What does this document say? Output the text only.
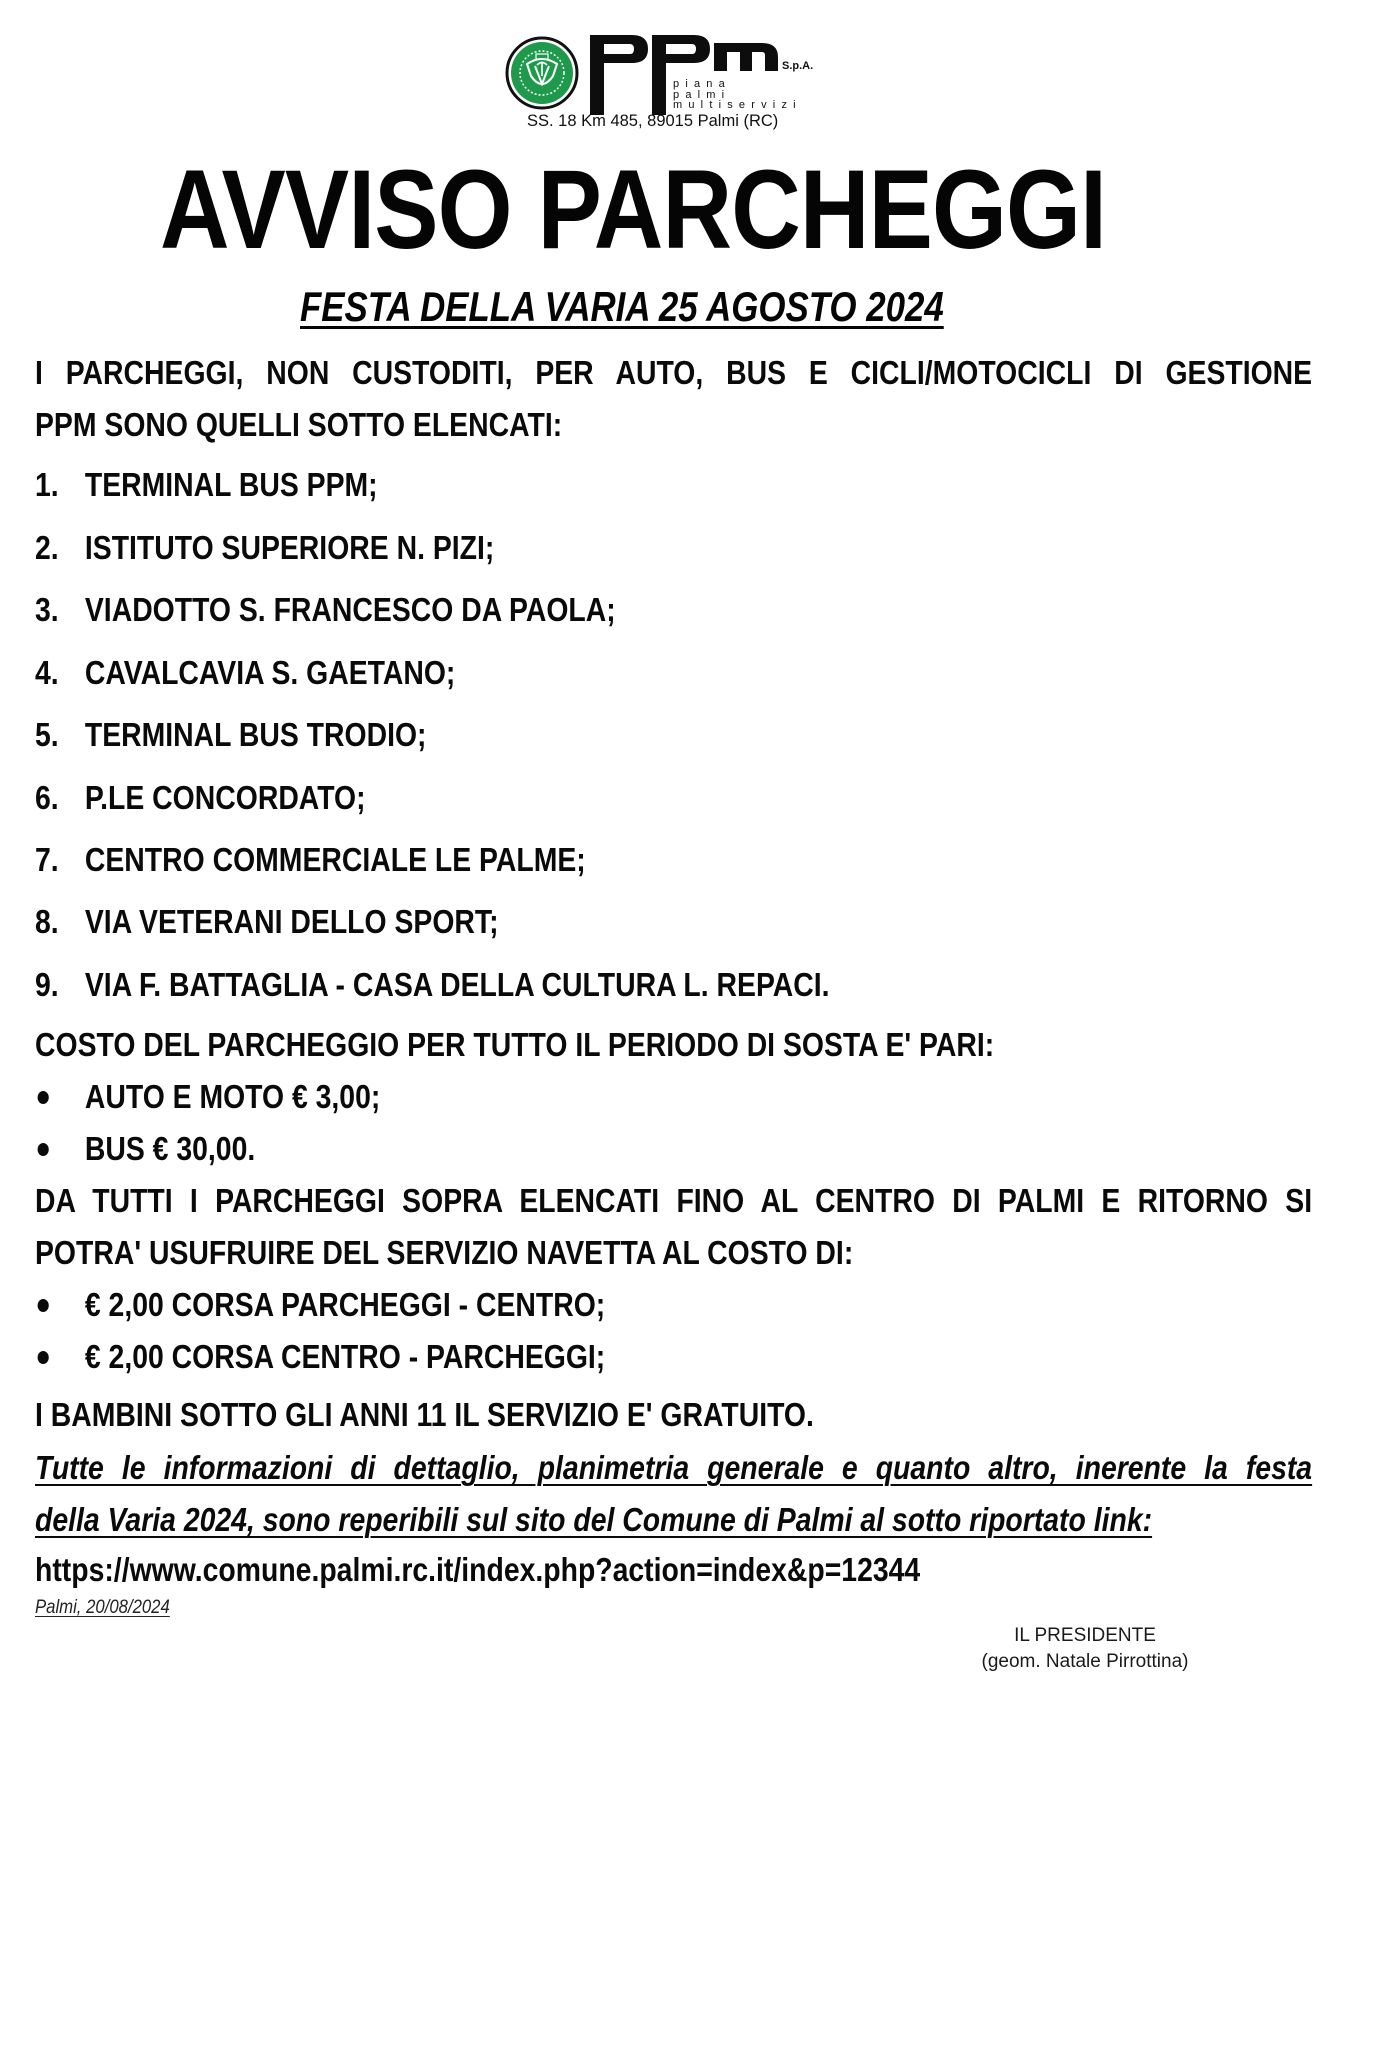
S.p.A.
piana
palmi
multiservizi
SS. 18 Km 485, 89015 Palmi (RC)
AVVISO PARCHEGGI
FESTA DELLA VARIA 25 AGOSTO 2024
I PARCHEGGI, NON CUSTODITI, PER AUTO, BUS E CICLI/MOTOCICLI DI GESTIONE
PPM SONO QUELLI SOTTO ELENCATI:
1. TERMINAL BUS PPM;
2. ISTITUTO SUPERIORE N. PIZI;
3. VIADOTTO S. FRANCESCO DA PAOLA;
4. CAVALCAVIA S. GAETANO;
5. TERMINAL BUS TRODIO;
6. P.LE CONCORDATO;
7. CENTRO COMMERCIALE LE PALME;
8. VIA VETERANI DELLO SPORT;
9. VIA F. BATTAGLIA - CASA DELLA CULTURA L. REPACI.
COSTO DEL PARCHEGGIO PER TUTTO IL PERIODO DI SOSTA E' PARI:
AUTO E MOTO € 3,00;
BUS € 30,00.
DA TUTTI I PARCHEGGI SOPRA ELENCATI FINO AL CENTRO DI PALMI E RITORNO SI
POTRA' USUFRUIRE DEL SERVIZIO NAVETTA AL COSTO DI:
€ 2,00 CORSA PARCHEGGI - CENTRO;
€ 2,00 CORSA CENTRO - PARCHEGGI;
I BAMBINI SOTTO GLI ANNI 11 IL SERVIZIO E' GRATUITO.
Tutte le informazioni di dettaglio, planimetria generale e quanto altro, inerente la festa
della Varia 2024, sono reperibili sul sito del Comune di Palmi al sotto riportato link:
https://www.comune.palmi.rc.it/index.php?action=index&p=12344
Palmi, 20/08/2024
IL PRESIDENTE
(geom. Natale Pirrottina)
